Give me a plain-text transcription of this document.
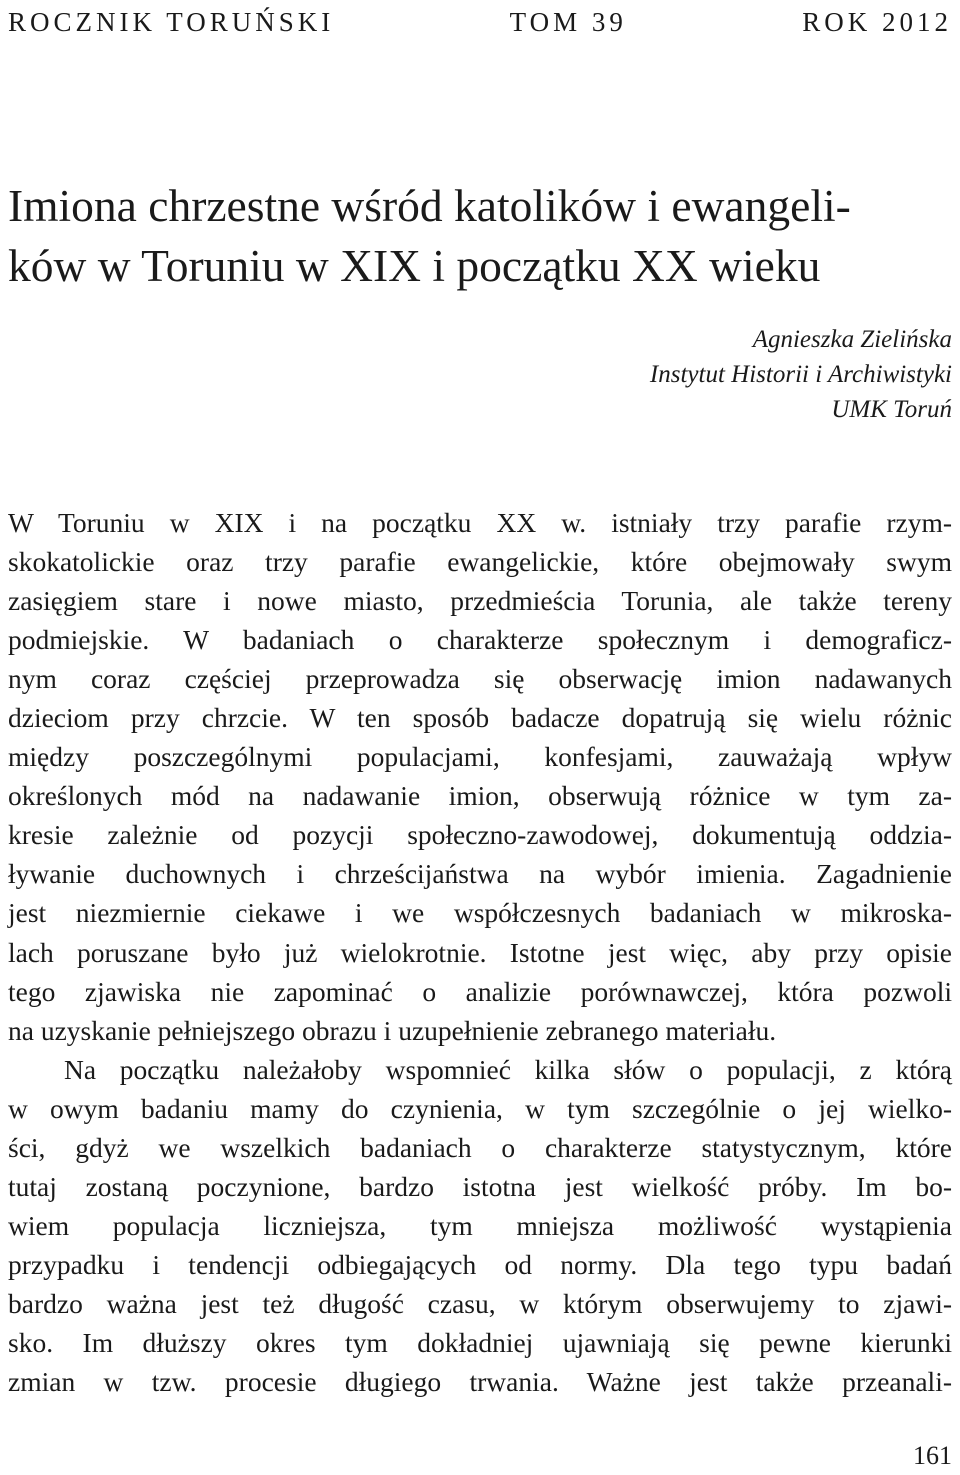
ROCZNIK TORUŃSKI	TOM 39	ROK 2012
Imiona chrzestne wśród katolików i ewangeli-
ków w Toruniu w XIX i początku XX wieku
Agnieszka Zielińska
Instytut Historii i Archiwistyki
UMK Toruń
W Toruniu w XIX i na początku XX w. istniały trzy parafie rzym-
skokatolickie oraz trzy parafie ewangelickie, które obejmowały swym
zasięgiem stare i nowe miasto, przedmieścia Torunia, ale także tereny
podmiejskie. W badaniach o charakterze społecznym i demograficz-
nym coraz częściej przeprowadza się obserwację imion nadawanych
dzieciom przy chrzcie. W ten sposób badacze dopatrują się wielu różnic
między poszczególnymi populacjami, konfesjami, zauważają wpływ
określonych mód na nadawanie imion, obserwują różnice w tym za-
kresie zależnie od pozycji społeczno-zawodowej, dokumentują oddzia-
ływanie duchownych i chrześcijaństwa na wybór imienia. Zagadnienie
jest niezmiernie ciekawe i we współczesnych badaniach w mikroska-
lach poruszane było już wielokrotnie. Istotne jest więc, aby przy opisie
tego zjawiska nie zapominać o analizie porównawczej, która pozwoli
na uzyskanie pełniejszego obrazu i uzupełnienie zebranego materiału.
Na początku należałoby wspomnieć kilka słów o populacji, z którą
w owym badaniu mamy do czynienia, w tym szczególnie o jej wielko-
ści, gdyż we wszelkich badaniach o charakterze statystycznym, które
tutaj zostaną poczynione, bardzo istotna jest wielkość próby. Im bo-
wiem populacja liczniejsza, tym mniejsza możliwość wystąpienia
przypadku i tendencji odbiegających od normy. Dla tego typu badań
bardzo ważna jest też długość czasu, w którym obserwujemy to zjawi-
sko. Im dłuższy okres tym dokładniej ujawniają się pewne kierunki
zmian w tzw. procesie długiego trwania. Ważne jest także przeanali-
161
